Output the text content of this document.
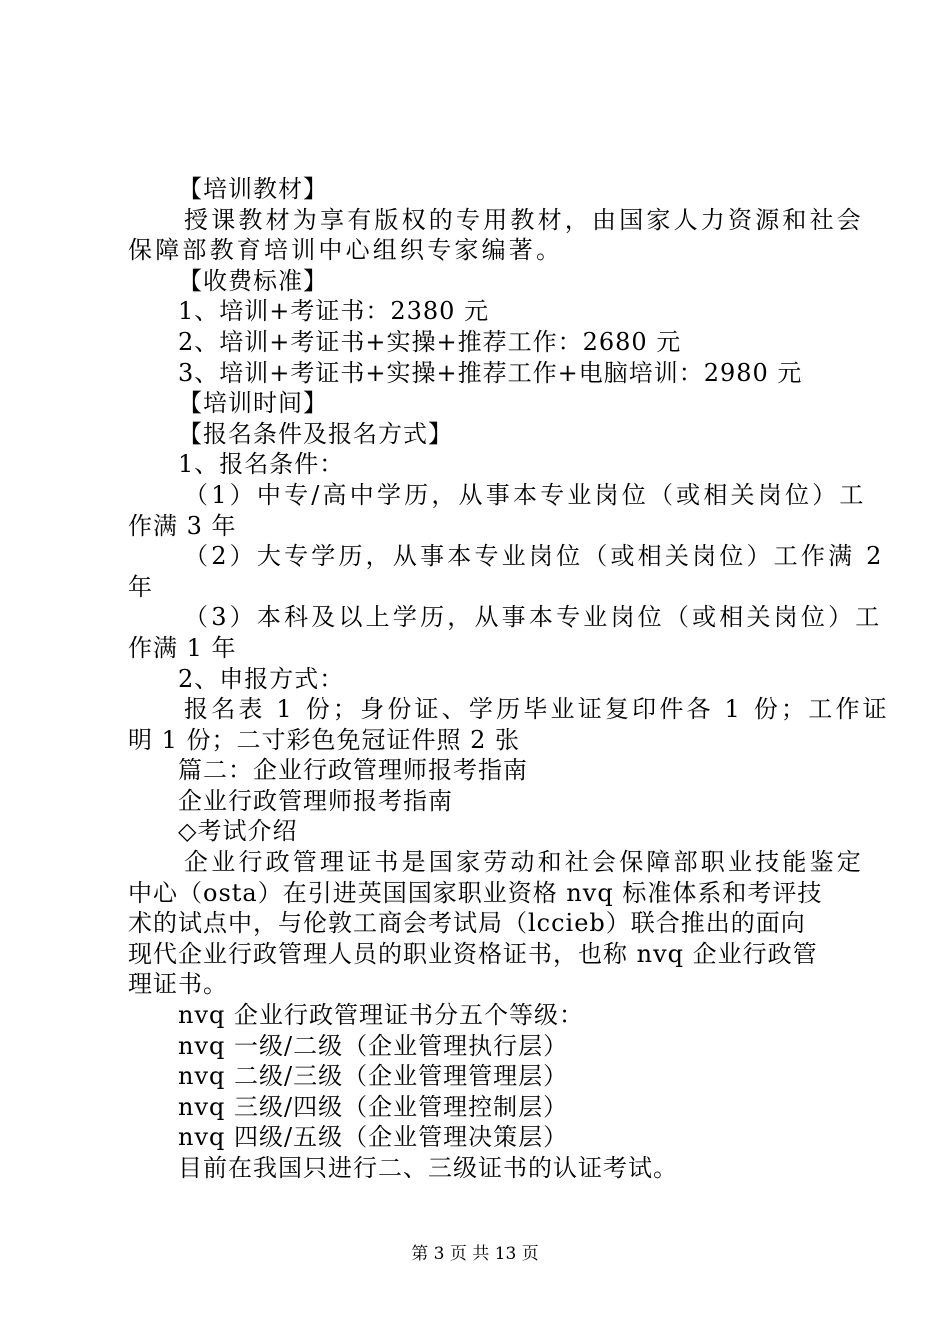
【培训教材】
授课教材为享有版权的专用教材，由国家人力资源和社会
保障部教育培训中心组织专家编著。
【收费标准】
1、培训+考证书：2380 元
2、培训+考证书+实操+推荐工作：2680 元
3、培训+考证书+实操+推荐工作+电脑培训：2980 元
【培训时间】
【报名条件及报名方式】
1、报名条件：
（1）中专/高中学历，从事本专业岗位（或相关岗位）工
作满 3 年
（2）大专学历，从事本专业岗位（或相关岗位）工作满 2
年
（3）本科及以上学历，从事本专业岗位（或相关岗位）工
作满 1 年
2、申报方式：
报名表 1 份；身份证、学历毕业证复印件各 1 份；工作证
明 1 份；二寸彩色免冠证件照 2 张
篇二：企业行政管理师报考指南
企业行政管理师报考指南
◇考试介绍
企业行政管理证书是国家劳动和社会保障部职业技能鉴定
中心（osta）在引进英国国家职业资格 nvq 标准体系和考评技
术的试点中，与伦敦工商会考试局（lccieb）联合推出的面向
现代企业行政管理人员的职业资格证书，也称 nvq 企业行政管
理证书。
nvq 企业行政管理证书分五个等级：
nvq 一级/二级（企业管理执行层）
nvq 二级/三级（企业管理管理层）
nvq 三级/四级（企业管理控制层）
nvq 四级/五级（企业管理决策层）
目前在我国只进行二、三级证书的认证考试。
第 3 页 共 13 页
